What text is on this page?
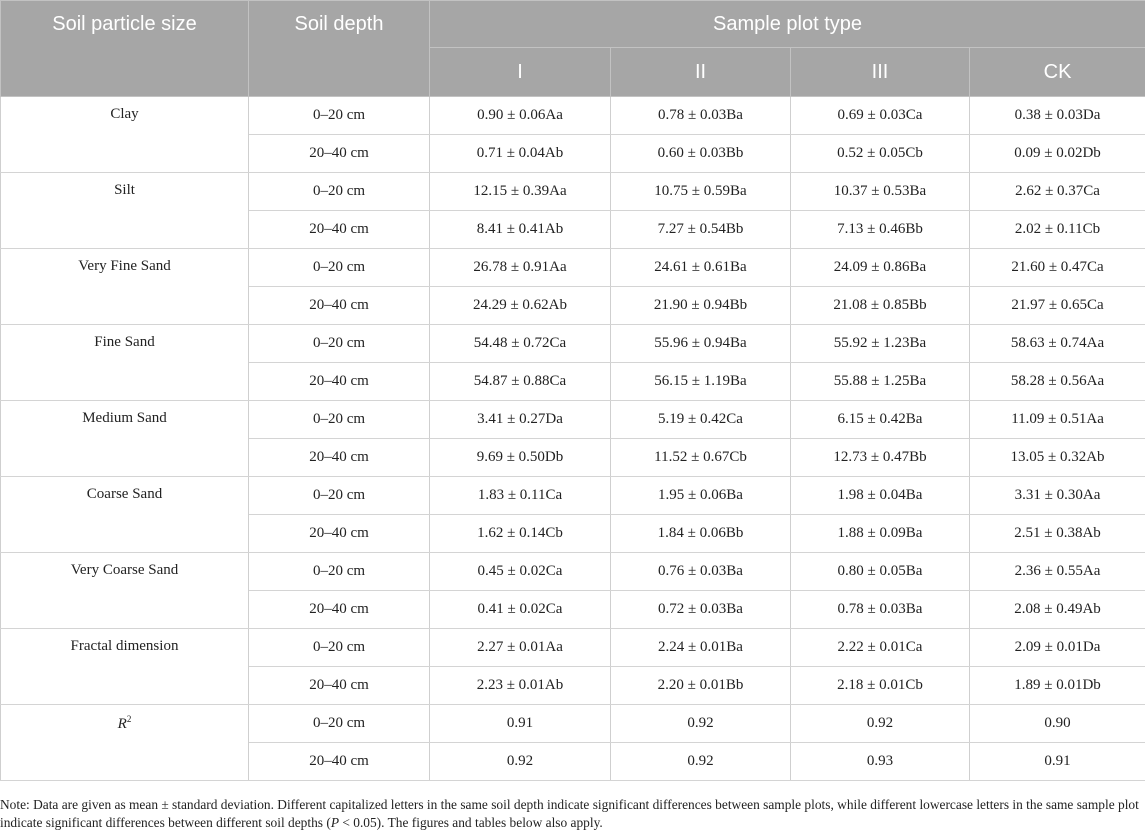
Soil particle size	Soil depth	Sample plot type			
		I	II	III	CK
Clay	0–20 cm	0.90 ± 0.06Aa	0.78 ± 0.03Ba	0.69 ± 0.03Ca	0.38 ± 0.03Da
	20–40 cm	0.71 ± 0.04Ab	0.60 ± 0.03Bb	0.52 ± 0.05Cb	0.09 ± 0.02Db
Silt	0–20 cm	12.15 ± 0.39Aa	10.75 ± 0.59Ba	10.37 ± 0.53Ba	2.62 ± 0.37Ca
	20–40 cm	8.41 ± 0.41Ab	7.27 ± 0.54Bb	7.13 ± 0.46Bb	2.02 ± 0.11Cb
Very Fine Sand	0–20 cm	26.78 ± 0.91Aa	24.61 ± 0.61Ba	24.09 ± 0.86Ba	21.60 ± 0.47Ca
	20–40 cm	24.29 ± 0.62Ab	21.90 ± 0.94Bb	21.08 ± 0.85Bb	21.97 ± 0.65Ca
Fine Sand	0–20 cm	54.48 ± 0.72Ca	55.96 ± 0.94Ba	55.92 ± 1.23Ba	58.63 ± 0.74Aa
	20–40 cm	54.87 ± 0.88Ca	56.15 ± 1.19Ba	55.88 ± 1.25Ba	58.28 ± 0.56Aa
Medium Sand	0–20 cm	3.41 ± 0.27Da	5.19 ± 0.42Ca	6.15 ± 0.42Ba	11.09 ± 0.51Aa
	20–40 cm	9.69 ± 0.50Db	11.52 ± 0.67Cb	12.73 ± 0.47Bb	13.05 ± 0.32Ab
Coarse Sand	0–20 cm	1.83 ± 0.11Ca	1.95 ± 0.06Ba	1.98 ± 0.04Ba	3.31 ± 0.30Aa
	20–40 cm	1.62 ± 0.14Cb	1.84 ± 0.06Bb	1.88 ± 0.09Ba	2.51 ± 0.38Ab
Very Coarse Sand	0–20 cm	0.45 ± 0.02Ca	0.76 ± 0.03Ba	0.80 ± 0.05Ba	2.36 ± 0.55Aa
	20–40 cm	0.41 ± 0.02Ca	0.72 ± 0.03Ba	0.78 ± 0.03Ba	2.08 ± 0.49Ab
Fractal dimension	0–20 cm	2.27 ± 0.01Aa	2.24 ± 0.01Ba	2.22 ± 0.01Ca	2.09 ± 0.01Da
	20–40 cm	2.23 ± 0.01Ab	2.20 ± 0.01Bb	2.18 ± 0.01Cb	1.89 ± 0.01Db
$R^2$	0–20 cm	0.91	0.92	0.92	0.90
	20–40 cm	0.92	0.92	0.93	0.91

Note: Data are given as mean ± standard deviation. Different capitalized letters in the same soil depth indicate significant differences between sample plots, while different lowercase letters in the same sample plot indicate significant differences between different soil depths (P < 0.05). The figures and tables below also apply.
